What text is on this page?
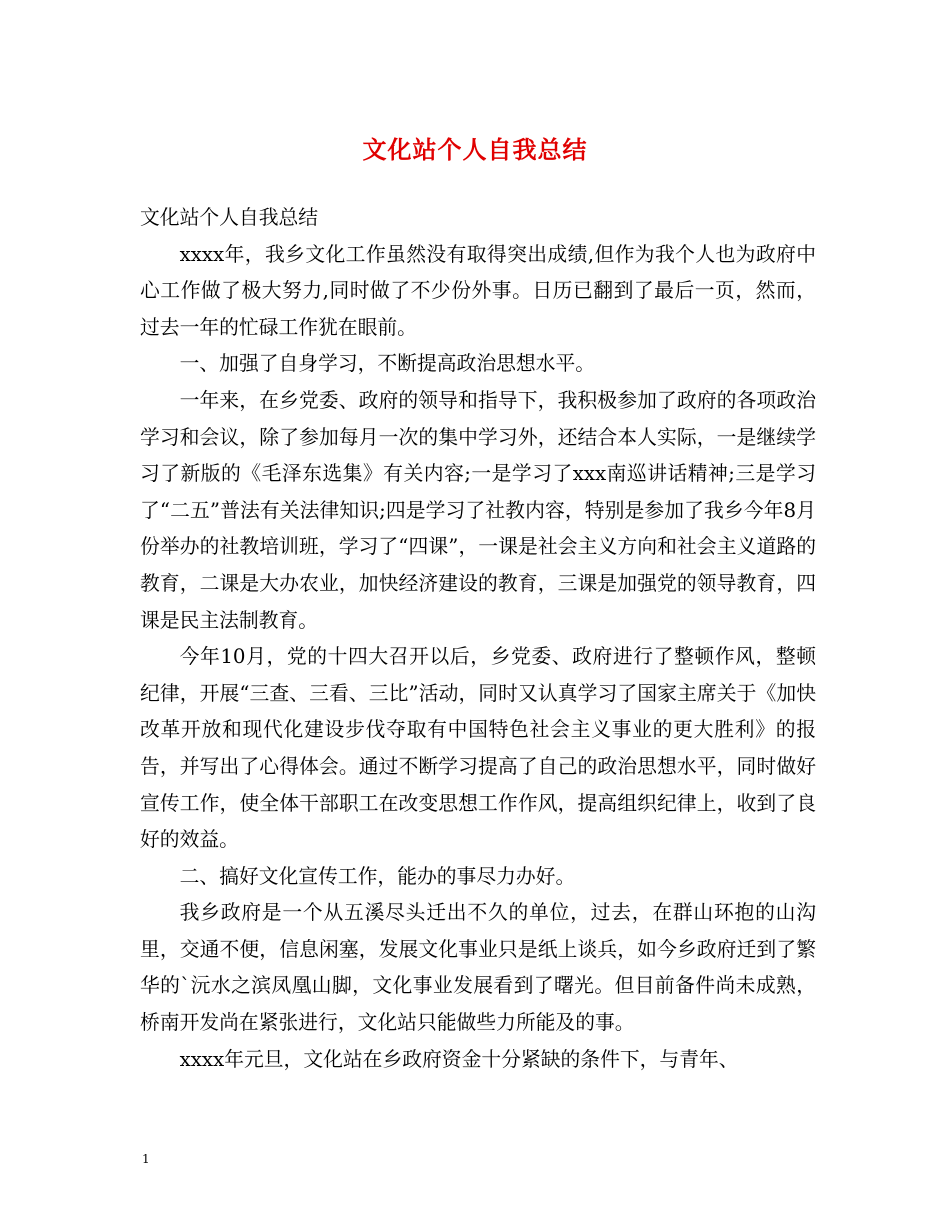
文化站个人自我总结

文化站个人自我总结

xxxx年，我乡文化工作虽然没有取得突出成绩,但作为我个人也为政府中心工作做了极大努力,同时做了不少份外事。日历已翻到了最后一页，然而，过去一年的忙碌工作犹在眼前。

一、加强了自身学习，不断提高政治思想水平。

一年来，在乡党委、政府的领导和指导下，我积极参加了政府的各项政治学习和会议，除了参加每月一次的集中学习外，还结合本人实际，一是继续学习了新版的《毛泽东选集》有关内容;一是学习了xxx南巡讲话精神;三是学习了“二五”普法有关法律知识;四是学习了社教内容，特别是参加了我乡今年8月份举办的社教培训班，学习了“四课”，一课是社会主义方向和社会主义道路的教育，二课是大办农业，加快经济建设的教育，三课是加强党的领导教育，四课是民主法制教育。

今年10月，党的十四大召开以后，乡党委、政府进行了整顿作风，整顿纪律，开展“三查、三看、三比”活动，同时又认真学习了国家主席关于《加快改革开放和现代化建设步伐夺取有中国特色社会主义事业的更大胜利》的报告，并写出了心得体会。通过不断学习提高了自己的政治思想水平，同时做好宣传工作，使全体干部职工在改变思想工作作风，提高组织纪律上，收到了良好的效益。

二、搞好文化宣传工作，能办的事尽力办好。

我乡政府是一个从五溪尽头迁出不久的单位，过去，在群山环抱的山沟里，交通不便，信息闲塞，发展文化事业只是纸上谈兵，如今乡政府迁到了繁华的`沅水之滨凤凰山脚，文化事业发展看到了曙光。但目前备件尚未成熟，桥南开发尚在紧张进行，文化站只能做些力所能及的事。

xxxx年元旦，文化站在乡政府资金十分紧缺的条件下，与青年、

1
